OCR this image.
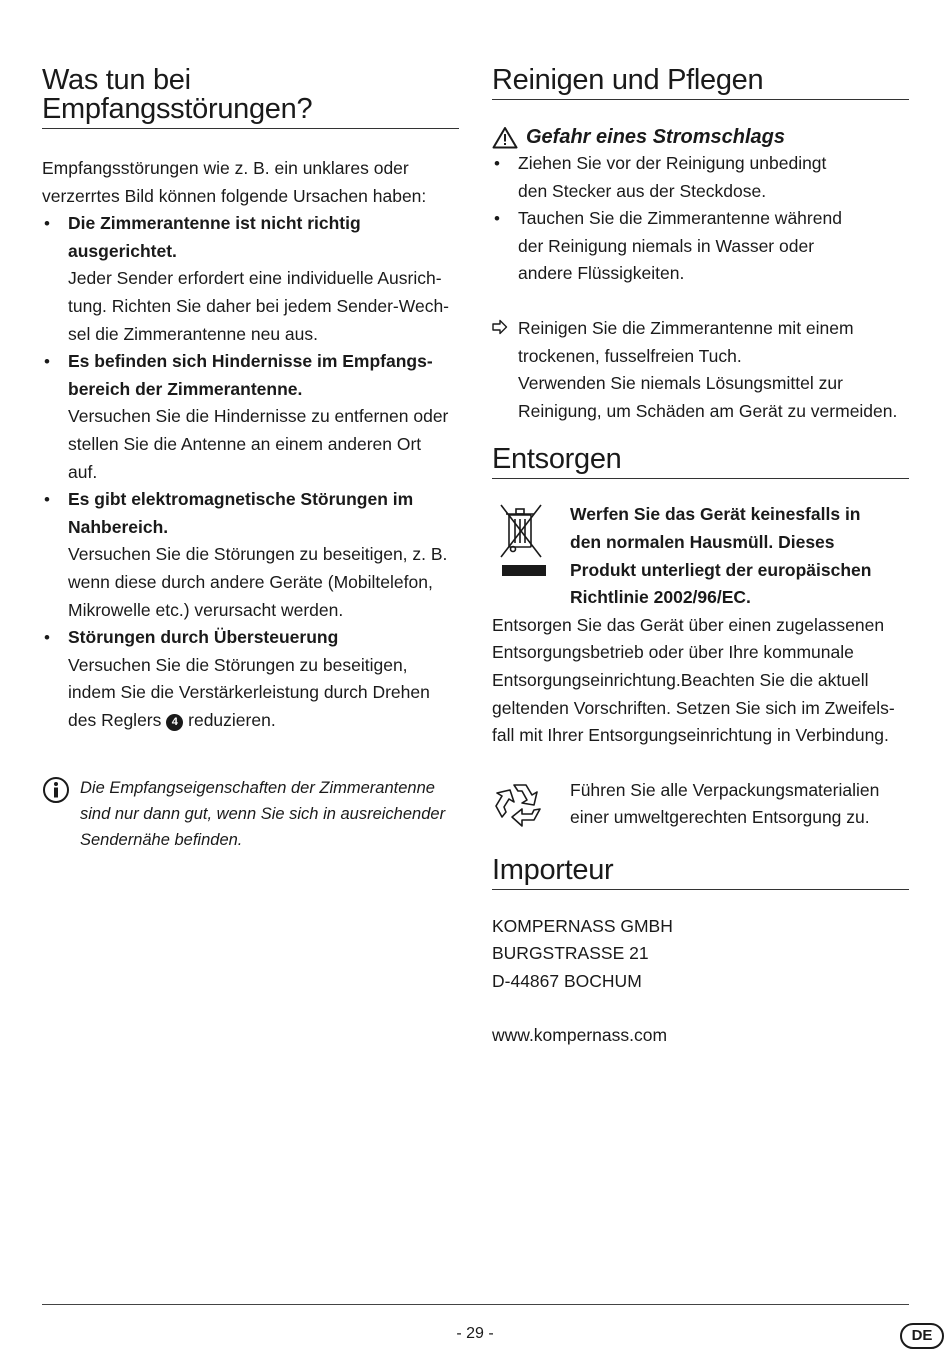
Was tun bei
Empfangsstörungen?

Empfangsstörungen wie z. B. ein unklares oder
verzerrtes Bild können folgende Ursachen haben:

• Die Zimmerantenne ist nicht richtig
ausgerichtet.
Jeder Sender erfordert eine individuelle Ausrich-
tung. Richten Sie daher bei jedem Sender-Wech-
sel die Zimmerantenne neu aus.
• Es befinden sich Hindernisse im Empfangs-
bereich der Zimmerantenne.
Versuchen Sie die Hindernisse zu entfernen oder
stellen Sie die Antenne an einem anderen Ort
auf.
• Es gibt elektromagnetische Störungen im
Nahbereich.
Versuchen Sie die Störungen zu beseitigen, z. B.
wenn diese durch andere Geräte (Mobiltelefon,
Mikrowelle etc.) verursacht werden.
• Störungen durch Übersteuerung
Versuchen Sie die Störungen zu beseitigen,
indem Sie die Verstärkerleistung durch Drehen
des Reglers 4 reduzieren.
Die Empfangseigenschaften der Zimmerantenne
sind nur dann gut, wenn Sie sich in ausreichender
Sendernähe befinden.
Reinigen und Pflegen
Gefahr eines Stromschlags
• Ziehen Sie vor der Reinigung unbedingt
den Stecker aus der Steckdose.
• Tauchen Sie die Zimmerantenne während
der Reinigung niemals in Wasser oder
andere Flüssigkeiten.
Reinigen Sie die Zimmerantenne mit einem
trockenen, fusselfreien Tuch.
Verwenden Sie niemals Lösungsmittel zur
Reinigung, um Schäden am Gerät zu vermeiden.
Entsorgen
Werfen Sie das Gerät keinesfalls in
den normalen Hausmüll. Dieses
Produkt unterliegt der europäischen
Richtlinie 2002/96/EC.

Entsorgen Sie das Gerät über einen zugelassenen
Entsorgungsbetrieb oder über Ihre kommunale
Entsorgungseinrichtung.Beachten Sie die aktuell
geltenden Vorschriften. Setzen Sie sich im Zweifels-
fall mit Ihrer Entsorgungseinrichtung in Verbindung.

Führen Sie alle Verpackungsmaterialien
einer umweltgerechten Entsorgung zu.
Importeur

KOMPERNASS GMBH
BURGSTRASSE 21
D-44867 BOCHUM

www.kompernass.com

- 29 -	DE
